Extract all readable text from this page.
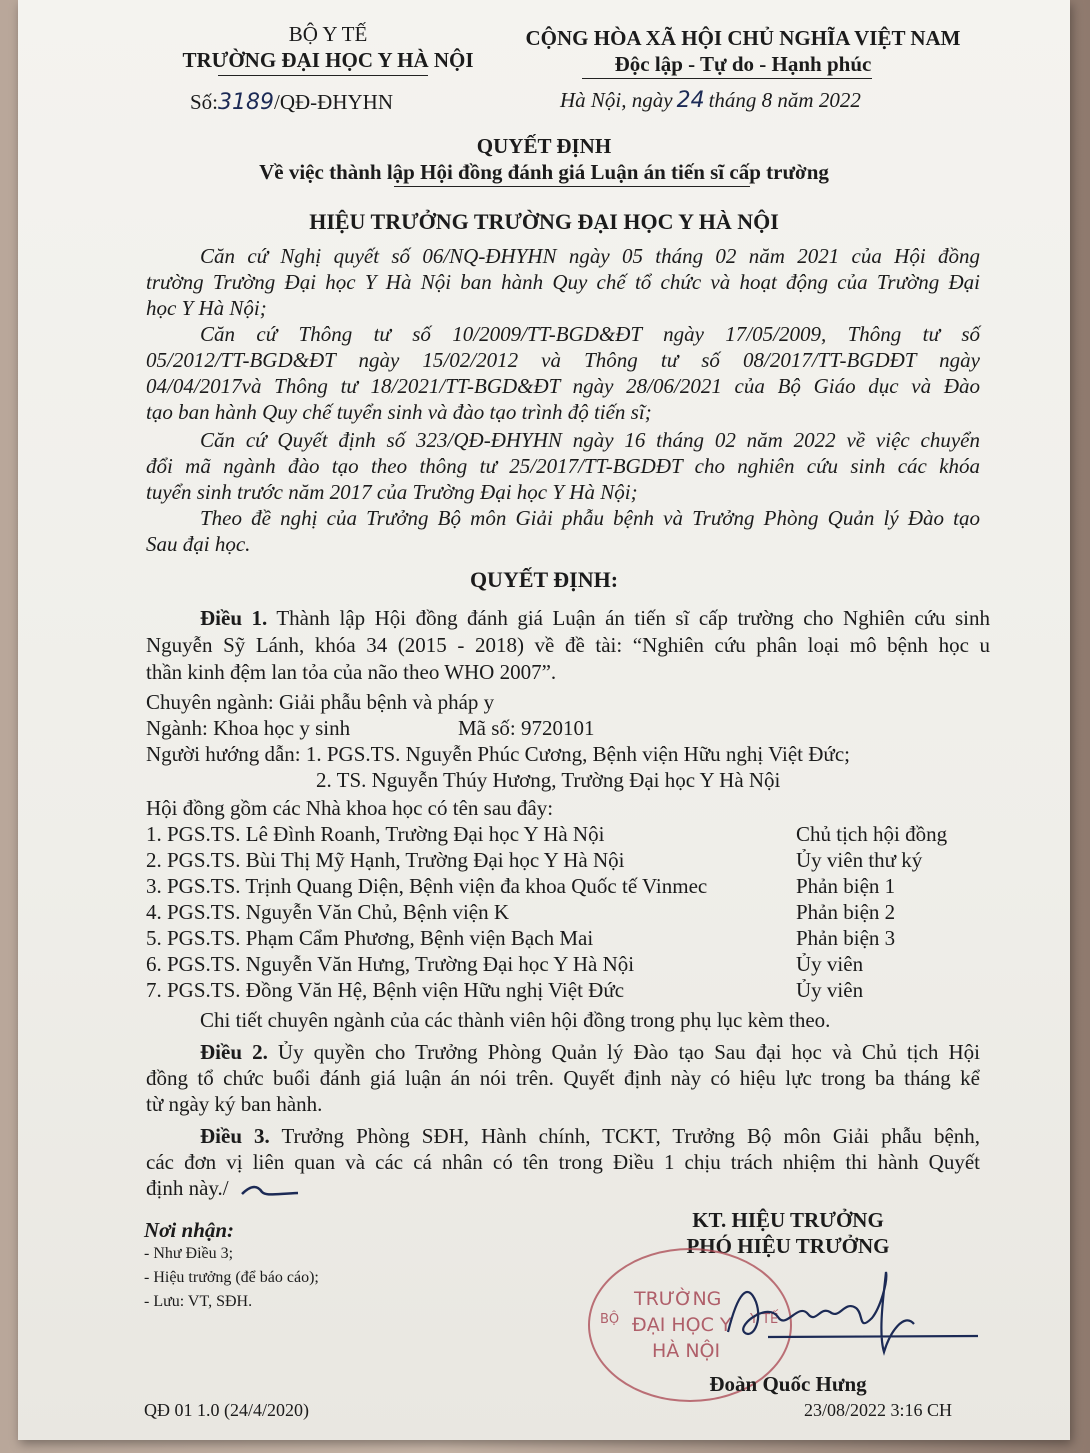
BỘ Y TẾ
TRƯỜNG ĐẠI HỌC Y HÀ NỘI
Số:3189/QĐ-ĐHYHN
CỘNG HÒA XÃ HỘI CHỦ NGHĨA VIỆT NAM
Độc lập - Tự do - Hạnh phúc
Hà Nội, ngày 24 tháng 8 năm 2022
QUYẾT ĐỊNH
Về việc thành lập Hội đồng đánh giá Luận án tiến sĩ cấp trường
HIỆU TRƯỞNG TRƯỜNG ĐẠI HỌC Y HÀ NỘI
Căn cứ Nghị quyết số 06/NQ-ĐHYHN ngày 05 tháng 02 năm 2021 của Hội đồng
trường Trường Đại học Y Hà Nội ban hành Quy chế tổ chức và hoạt động của Trường Đại
học Y Hà Nội;
Căn cứ Thông tư số 10/2009/TT-BGD&ĐT ngày 17/05/2009, Thông tư số
05/2012/TT-BGD&ĐT ngày 15/02/2012 và Thông tư số 08/2017/TT-BGDĐT ngày
04/04/2017và Thông tư 18/2021/TT-BGD&ĐT ngày 28/06/2021 của Bộ Giáo dục và Đào
tạo ban hành Quy chế tuyển sinh và đào tạo trình độ tiến sĩ;
Căn cứ Quyết định số 323/QĐ-ĐHYHN ngày 16 tháng 02 năm 2022 về việc chuyển
đổi mã ngành đào tạo theo thông tư 25/2017/TT-BGDĐT cho nghiên cứu sinh các khóa
tuyển sinh trước năm 2017 của Trường Đại học Y Hà Nội;
Theo đề nghị của Trưởng Bộ môn Giải phẫu bệnh và Trưởng Phòng Quản lý Đào tạo
Sau đại học.
QUYẾT ĐỊNH:
Điều 1. Thành lập Hội đồng đánh giá Luận án tiến sĩ cấp trường cho Nghiên cứu sinh
Nguyễn Sỹ Lánh, khóa 34 (2015 - 2018) về đề tài: “Nghiên cứu phân loại mô bệnh học u
thần kinh đệm lan tỏa của não theo WHO 2007”.
Chuyên ngành: Giải phẫu bệnh và pháp y
Ngành: Khoa học y sinh	Mã số: 9720101
Người hướng dẫn: 1. PGS.TS. Nguyễn Phúc Cương, Bệnh viện Hữu nghị Việt Đức;
2. TS. Nguyễn Thúy Hương, Trường Đại học Y Hà Nội
Hội đồng gồm các Nhà khoa học có tên sau đây:
1. PGS.TS. Lê Đình Roanh, Trường Đại học Y Hà Nội	Chủ tịch hội đồng
2. PGS.TS. Bùi Thị Mỹ Hạnh, Trường Đại học Y Hà Nội	Ủy viên thư ký
3. PGS.TS. Trịnh Quang Diện, Bệnh viện đa khoa Quốc tế Vinmec	Phản biện 1
4. PGS.TS. Nguyễn Văn Chủ, Bệnh viện K	Phản biện 2
5. PGS.TS. Phạm Cẩm Phương, Bệnh viện Bạch Mai	Phản biện 3
6. PGS.TS. Nguyễn Văn Hưng, Trường Đại học Y Hà Nội	Ủy viên
7. PGS.TS. Đồng Văn Hệ, Bệnh viện Hữu nghị Việt Đức	Ủy viên
Chi tiết chuyên ngành của các thành viên hội đồng trong phụ lục kèm theo.
Điều 2. Ủy quyền cho Trưởng Phòng Quản lý Đào tạo Sau đại học và Chủ tịch Hội
đồng tổ chức buổi đánh giá luận án nói trên. Quyết định này có hiệu lực trong ba tháng kể
từ ngày ký ban hành.
Điều 3. Trưởng Phòng SĐH, Hành chính, TCKT, Trưởng Bộ môn Giải phẫu bệnh,
các đơn vị liên quan và các cá nhân có tên trong Điều 1 chịu trách nhiệm thi hành Quyết
định này./
Nơi nhận:
- Như Điều 3;
- Hiệu trưởng (để báo cáo);
- Lưu: VT, SĐH.
KT. HIỆU TRƯỞNG
PHÓ HIỆU TRƯỞNG
TRƯỜNG
ĐẠI HỌC Y
HÀ NỘI
BỘ	Y TẾ
Đoàn Quốc Hưng
QĐ 01 1.0 (24/4/2020)	23/08/2022 3:16 CH
